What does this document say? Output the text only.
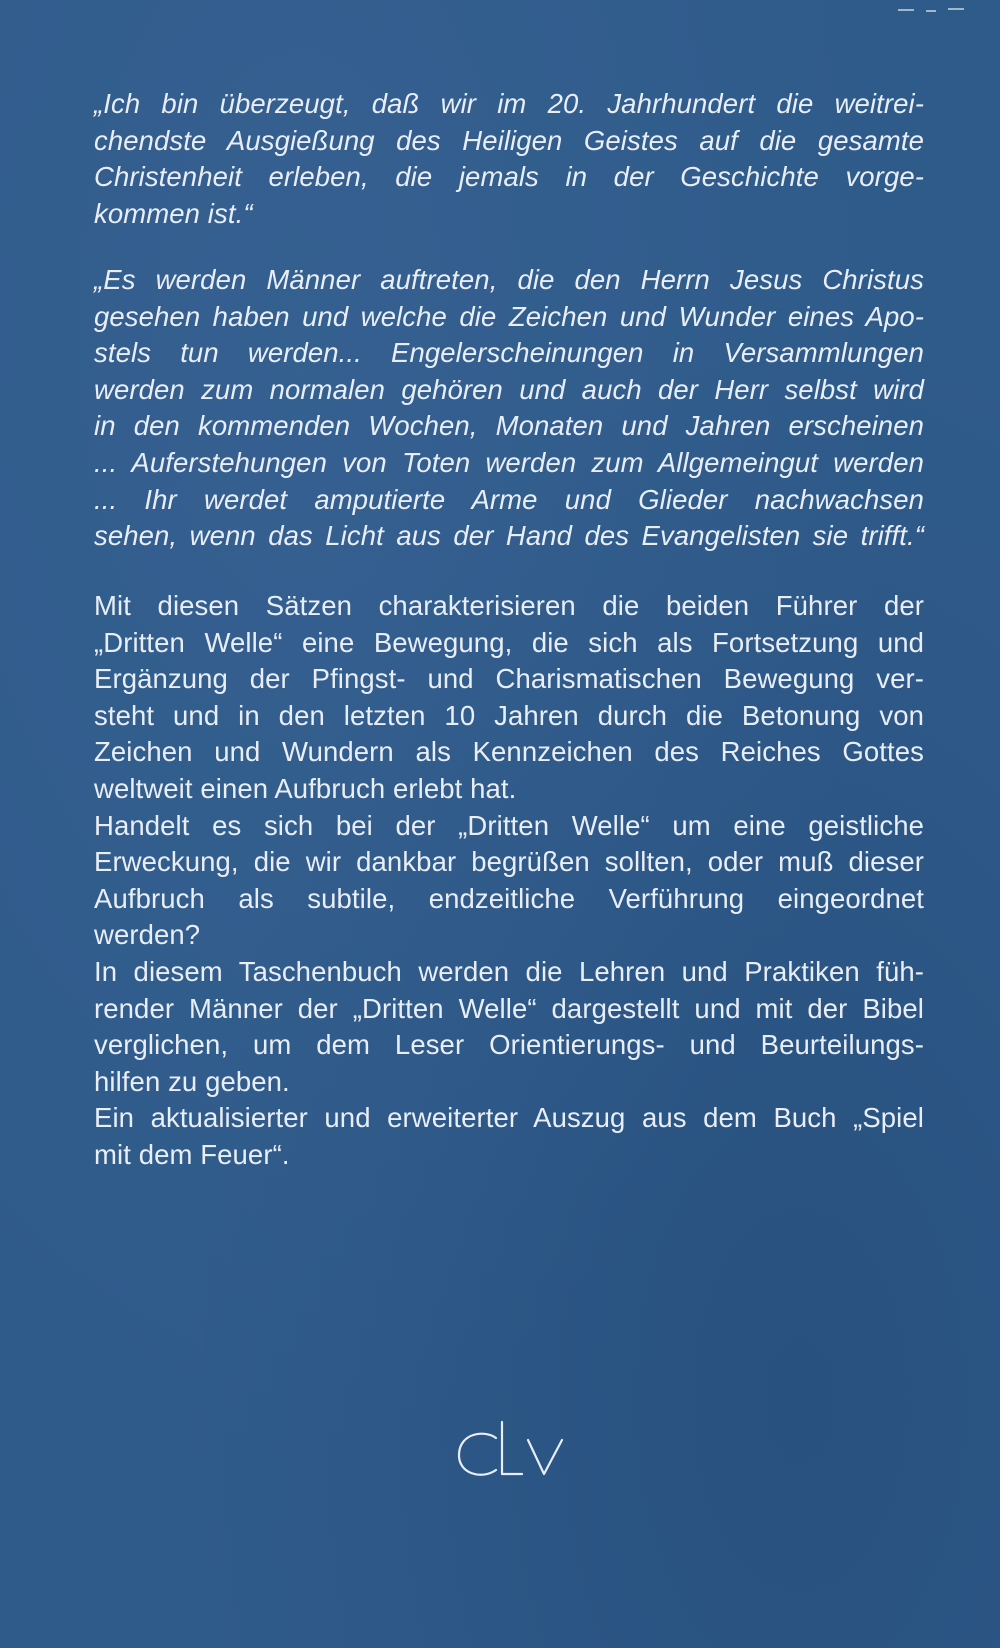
„Ich bin überzeugt, daß wir im 20. Jahrhundert die weitrei-
chendste Ausgießung des Heiligen Geistes auf die gesamte
Christenheit erleben, die jemals in der Geschichte vorge-
kommen ist.“
„Es werden Männer auftreten, die den Herrn Jesus Christus
gesehen haben und welche die Zeichen und Wunder eines Apo-
stels tun werden... Engelerscheinungen in Versammlungen
werden zum normalen gehören und auch der Herr selbst wird
in den kommenden Wochen, Monaten und Jahren erscheinen
... Auferstehungen von Toten werden zum Allgemeingut werden
... Ihr werdet amputierte Arme und Glieder nachwachsen
sehen, wenn das Licht aus der Hand des Evangelisten sie trifft.“
Mit diesen Sätzen charakterisieren die beiden Führer der
„Dritten Welle“ eine Bewegung, die sich als Fortsetzung und
Ergänzung der Pfingst- und Charismatischen Bewegung ver-
steht und in den letzten 10 Jahren durch die Betonung von
Zeichen und Wundern als Kennzeichen des Reiches Gottes
weltweit einen Aufbruch erlebt hat.
Handelt es sich bei der „Dritten Welle“ um eine geistliche
Erweckung, die wir dankbar begrüßen sollten, oder muß dieser
Aufbruch als subtile, endzeitliche Verführung eingeordnet
werden?
In diesem Taschenbuch werden die Lehren und Praktiken füh-
render Männer der „Dritten Welle“ dargestellt und mit der Bibel
verglichen, um dem Leser Orientierungs- und Beurteilungs-
hilfen zu geben.
Ein aktualisierter und erweiterter Auszug aus dem Buch „Spiel
mit dem Feuer“.
